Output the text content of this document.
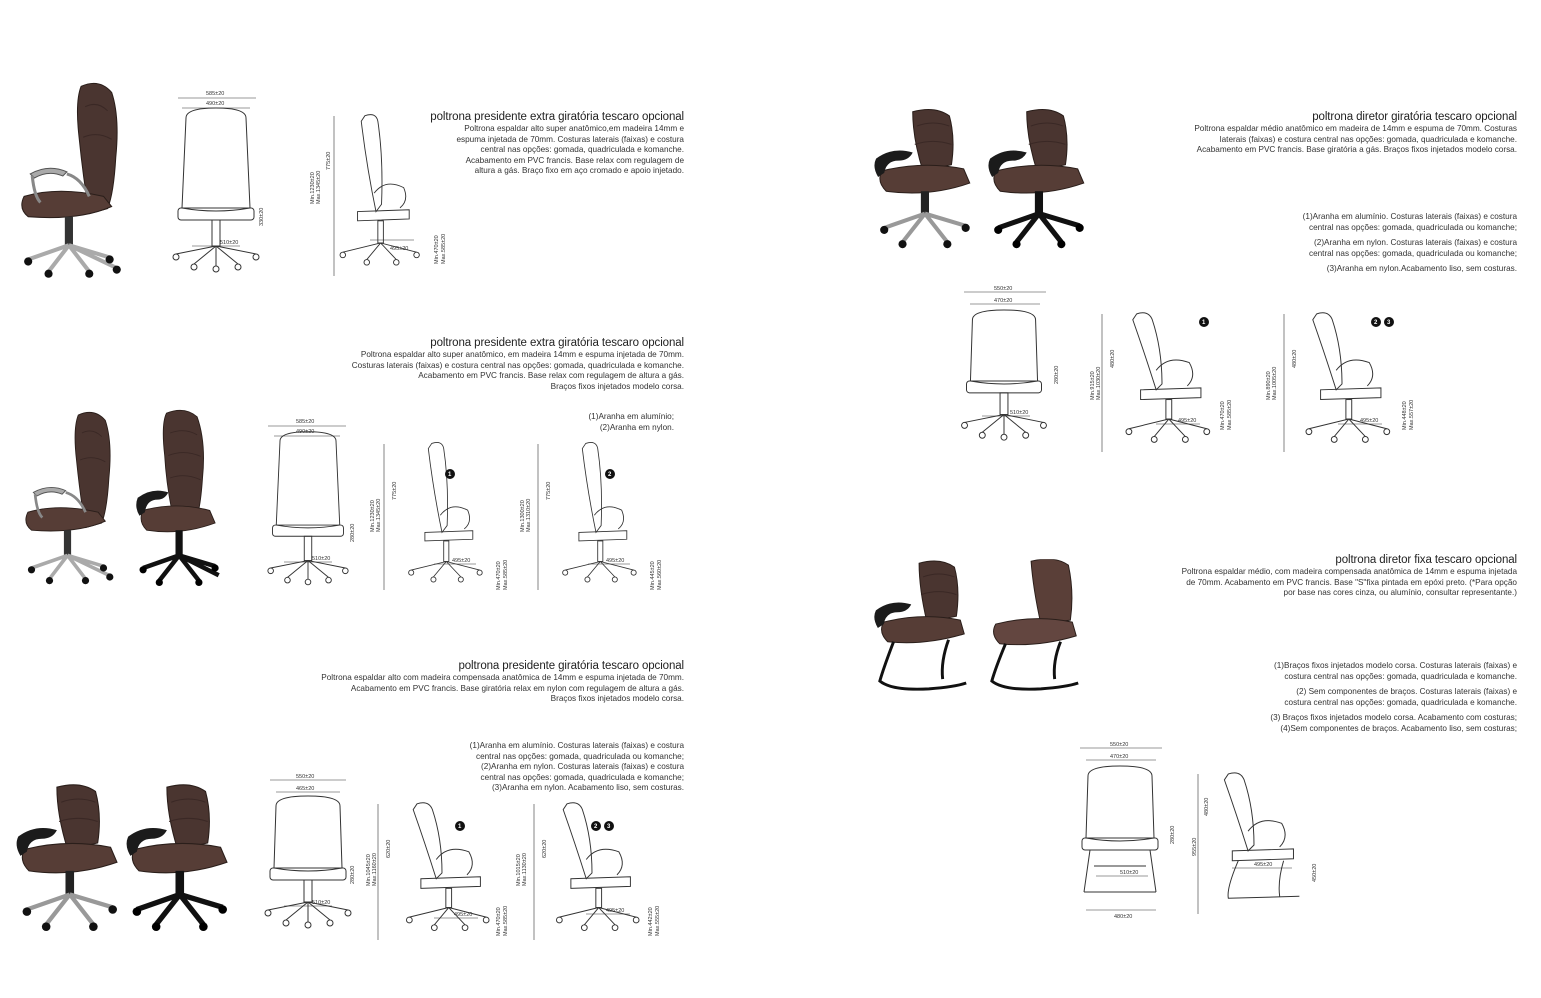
poltrona presidente extra giratória tescaro opcional
Poltrona espaldar alto super anatômico,em madeira 14mm e
espuma injetada de 70mm. Costuras laterais (faixas) e costura
central nas opções: gomada, quadriculada e komanche.
Acabamento em PVC francis. Base relax com regulagem de
altura a gás. Braço fixo em aço cromado e apoio injetado.
poltrona presidente extra giratória tescaro opcional
Poltrona espaldar alto super anatômico, em madeira 14mm e espuma injetada de 70mm.
Costuras laterais (faixas) e costura central nas opções: gomada, quadriculada e komanche.
Acabamento em PVC francis. Base relax com regulagem de altura a gás.
Braços fixos injetados modelo corsa.
(1)Aranha em alumínio;
(2)Aranha em nylon.
poltrona presidente giratória tescaro opcional
Poltrona espaldar alto com madeira compensada anatômica de 14mm e espuma injetada de 70mm.
Acabamento em PVC francis. Base giratória relax em nylon com regulagem de altura a gás.
Braços fixos injetados modelo corsa.
(1)Aranha em alumínio. Costuras laterais (faixas) e costura
central nas opções: gomada, quadriculada ou komanche;
(2)Aranha em nylon. Costuras laterais (faixas) e costura
central nas opções: gomada, quadriculada e komanche;
(3)Aranha em nylon. Acabamento liso, sem costuras.
poltrona diretor giratória tescaro opcional
Poltrona espaldar médio anatômico em madeira de 14mm e espuma de 70mm. Costuras
laterais (faixas) e costura central nas opções: gomada, quadriculada e komanche.
Acabamento em PVC francis. Base giratória a gás. Braços fixos injetados modelo corsa.

(1)Aranha em alumínio. Costuras laterais (faixas) e costura
central nas opções: gomada, quadriculada ou komanche;

(2)Aranha em nylon. Costuras laterais (faixas) e costura
central nas opções: gomada, quadriculada ou komanche;

(3)Aranha em nylon.Acabamento liso, sem costuras.

poltrona diretor fixa tescaro opcional
Poltrona espaldar médio, com madeira compensada anatômica de 14mm e espuma injetada
de 70mm. Acabamento em PVC francis. Base "S"fixa pintada em epóxi preto. (*Para opção
por base nas cores cinza, ou alumínio, consultar representante.)

(1)Braços fixos injetados modelo corsa. Costuras laterais (faixas) e
costura central nas opções: gomada, quadriculada e komanche.

(2) Sem componentes de braços. Costuras laterais (faixas) e
costura central nas opções: gomada, quadriculada e komanche.

(3) Braços fixos injetados modelo corsa. Acabamento com costuras;
(4)Sem componentes de braços. Acabamento liso, sem costuras;

585±20
490±20
510±20
330±20
Min.1230±20 Max.1345±20
775±20
495±20	Min.470±20 Max.585±20
585±20
490±20
510±20
280±20
Min.1230±20 Max.1345±20
775±20
1
495±20
Min.470±20 Max.585±20
Min.1300±20 Max.1310±20
775±20
2
495±20
Min.445±20 Max.560±20
550±20
465±20
510±20
280±20 Min.1045±20 Max.1160±20
620±20
1
Min.470±20 Max.585±20
495±20
Min.1015±20 Max.1130±20
620±20
2 3
495±20	Min.442±20 Max.555±20
550±20
470±20
510±20
280±20	Min.915±20 Max.1030±20
480±20
1
Min.470±20 Max.585±20
495±20
Min.890±20 Max.1005±20
480±20
2 3
495±20	Min.448±20 Max.557±20
550±20
470±20
510±20
480±20
280±20
955±20
480±20
495±20	450±20
